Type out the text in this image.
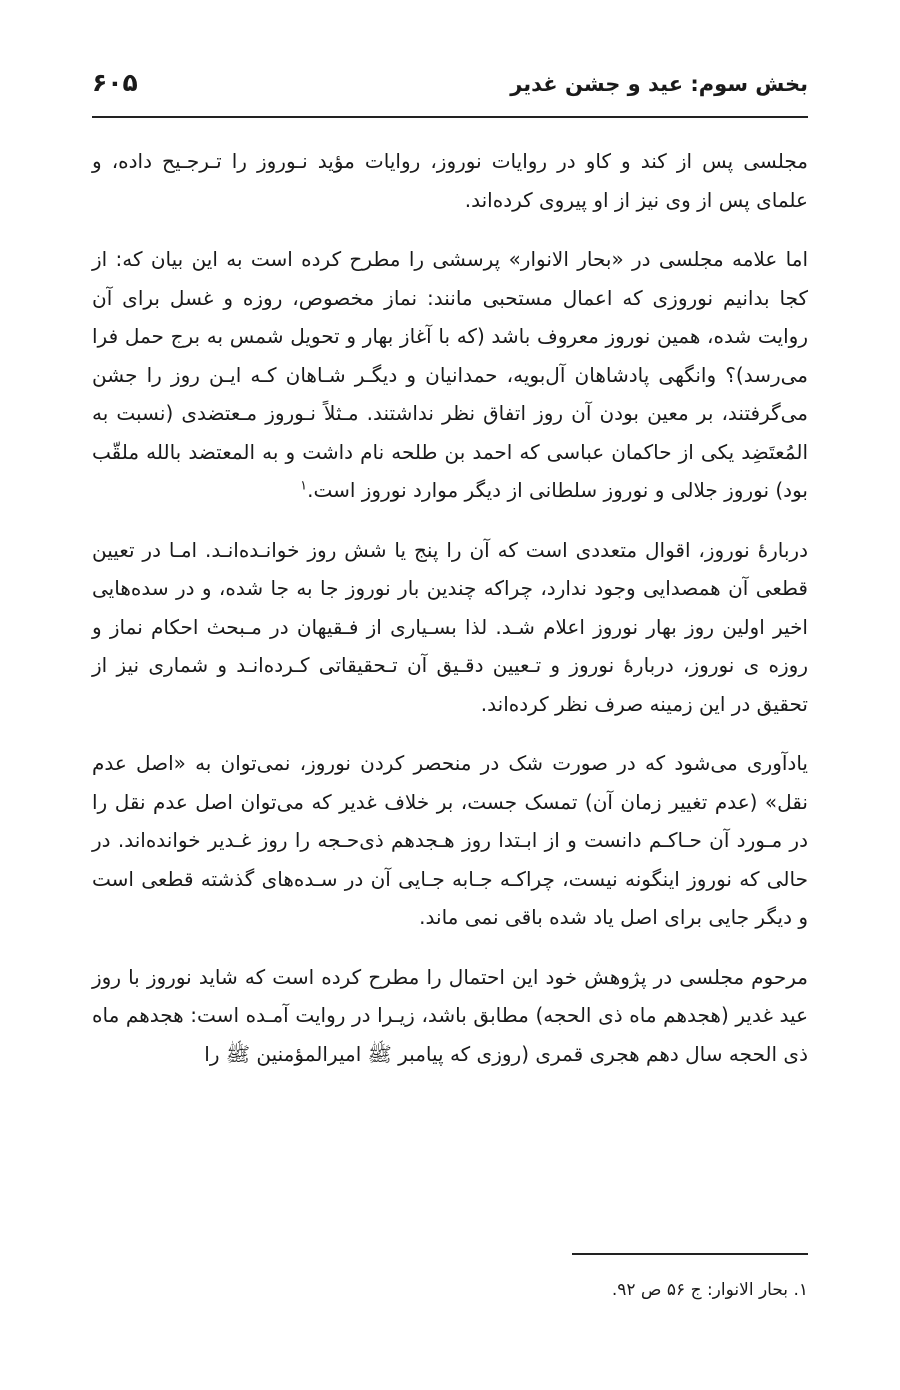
بخش سوم: عید و جشن غدیر
۶۰۵

مجلسی پس از کند و کاو در روایات نوروز، روایات مؤید نـوروز را تـرجـیح داده، و علمای پس از وی نیز از او پیروی کرده‌اند.

اما علامه مجلسی در «بحار الانوار» پرسشی را مطرح کرده است به این بیان که: از کجا بدانیم نوروزی که اعمال مستحبی مانند: نماز مخصوص، روزه و غسل برای آن روایت شده، همین نوروز معروف باشد (که با آغاز بهار و تحویل شمس به برج حمل فرا می‌رسد)؟ وانگهی پادشاهان آل‌بویه، حمدانیان و دیگـر شـاهان کـه ایـن روز را جشن می‌گرفتند، بر معین بودن آن روز اتفاق نظر نداشتند. مـثلاً نـوروز مـعتضدی (نسبت به المُعتَضِد یکی از حاکمان عباسی که احمد بن طلحه نام داشت و به المعتضد بالله ملقّب بود) نوروز جلالی و نوروز سلطانی از دیگر موارد نوروز است.$^۱$

دربارهٔ نوروز، اقوال متعددی است که آن را پنج یا شش روز خوانـده‌انـد. امـا در تعیین قطعی آن همصدایی وجود ندارد، چراکه چندین بار نوروز جا به جا شده، و در سده‌هایی اخیر اولین روز بهار نوروز اعلام شـد. لذا بسـیاری از فـقیهان در مـبحث احکام نماز و روزه ی نوروز، دربارهٔ نوروز و تـعیین دقـیق آن تـحقیقاتی کـرده‌انـد و شماری نیز از تحقیق در این زمینه صرف نظر کرده‌اند.

یادآوری می‌شود که در صورت شک در منحصر کردن نوروز، نمی‌توان به «اصل عدم نقل» (عدم تغییر زمان آن) تمسک جست، بر خلاف غدیر که می‌توان اصل عدم نقل را در مـورد آن حـاکـم دانست و از ابـتدا روز هـجدهم ذی‌حـجه را روز غـدیر خوانده‌اند. در حالی که نوروز اینگونه نیست، چراکـه جـابه جـایی آن در سـده‌های گذشته قطعی است و دیگر جایی برای اصل یاد شده باقی نمی ماند.

مرحوم مجلسی در پژوهش خود این احتمال را مطرح کرده است که شاید نوروز با روز عید غدیر (هجدهم ماه ذی الحجه) مطابق باشد، زیـرا در روایت آمـده است: هجدهم ماه ذی الحجه سال دهم هجری قمری (روزی که پیامبر ﷺ امیرالمؤمنین ﷺ را

۱. بحار الانوار: ج ۵۶ ص ۹۲.
